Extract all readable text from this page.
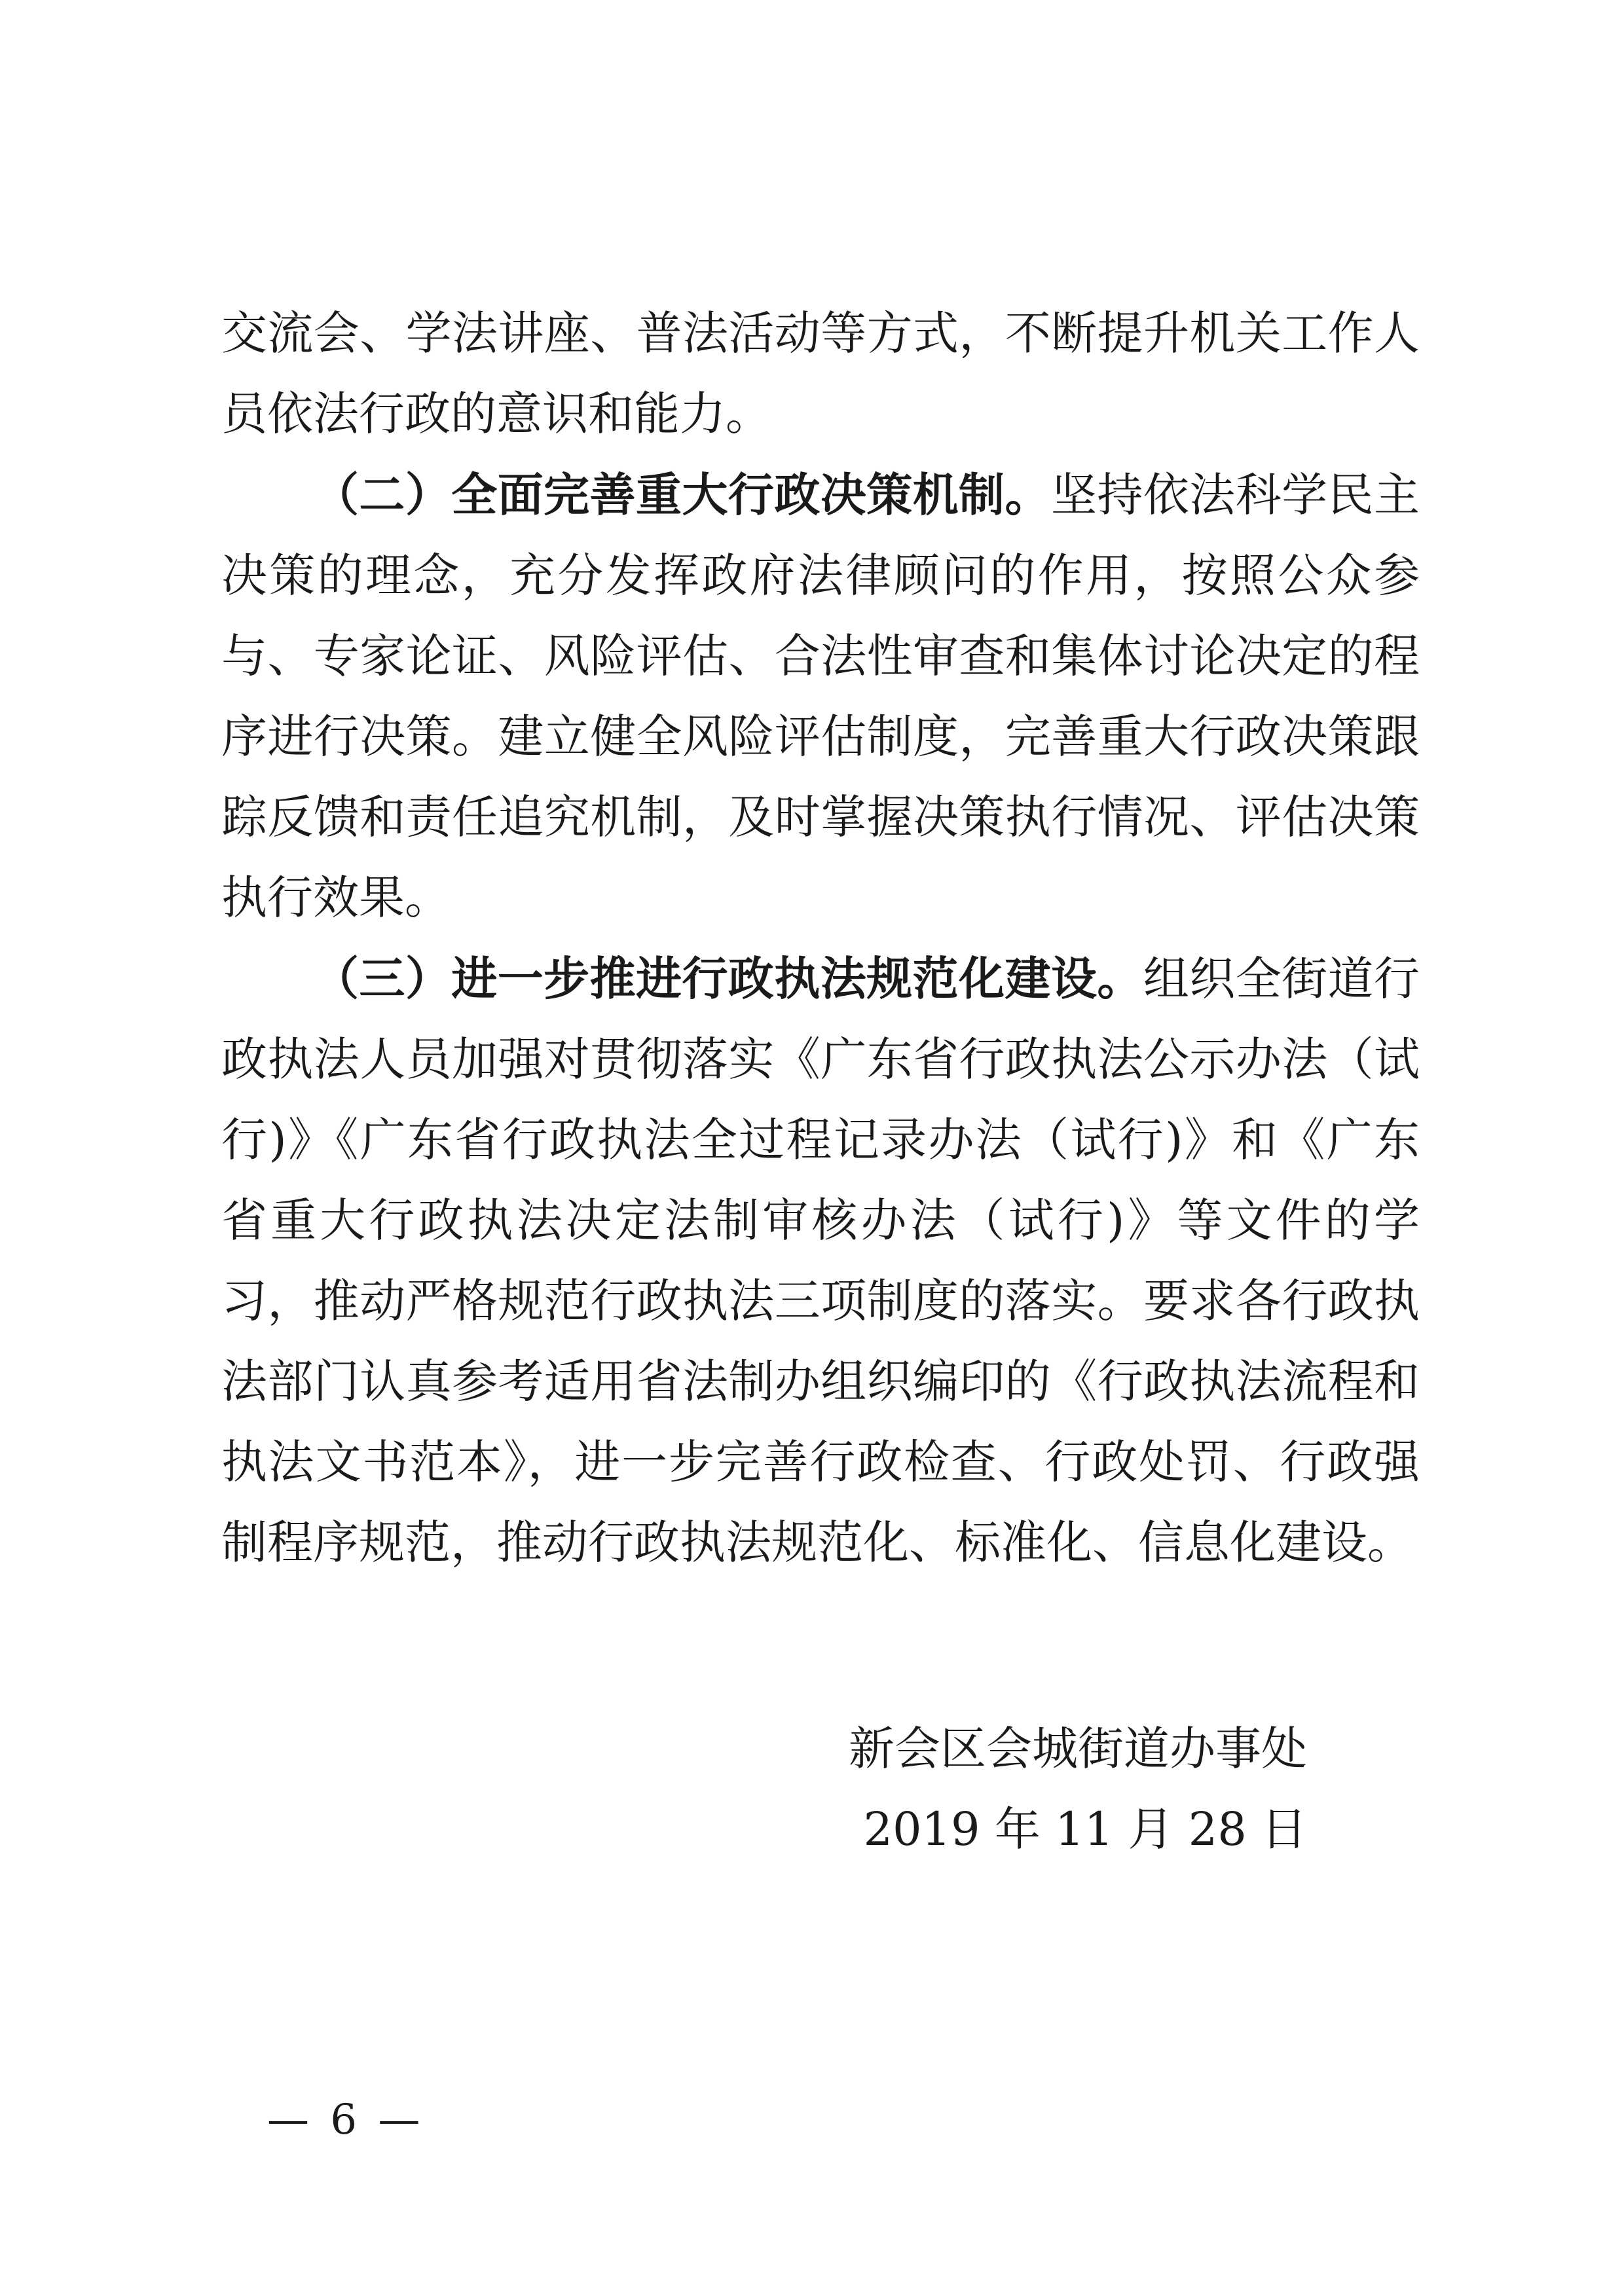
交流会、学法讲座、普法活动等方式，不断提升机关工作人员依法行政的意识和能力。

（二）全面完善重大行政决策机制。坚持依法科学民主决策的理念，充分发挥政府法律顾问的作用，按照公众参与、专家论证、风险评估、合法性审查和集体讨论决定的程序进行决策。建立健全风险评估制度，完善重大行政决策跟踪反馈和责任追究机制，及时掌握决策执行情况、评估决策执行效果。

（三）进一步推进行政执法规范化建设。组织全街道行政执法人员加强对贯彻落实《广东省行政执法公示办法（试行)》《广东省行政执法全过程记录办法（试行)》和《广东省重大行政执法决定法制审核办法（试行)》等文件的学习，推动严格规范行政执法三项制度的落实。要求各行政执法部门认真参考适用省法制办组织编印的《行政执法流程和执法文书范本》，进一步完善行政检查、行政处罚、行政强制程序规范，推动行政执法规范化、标准化、信息化建设。

新会区会城街道办事处
2019 年 11 月 28 日
— 6 —
